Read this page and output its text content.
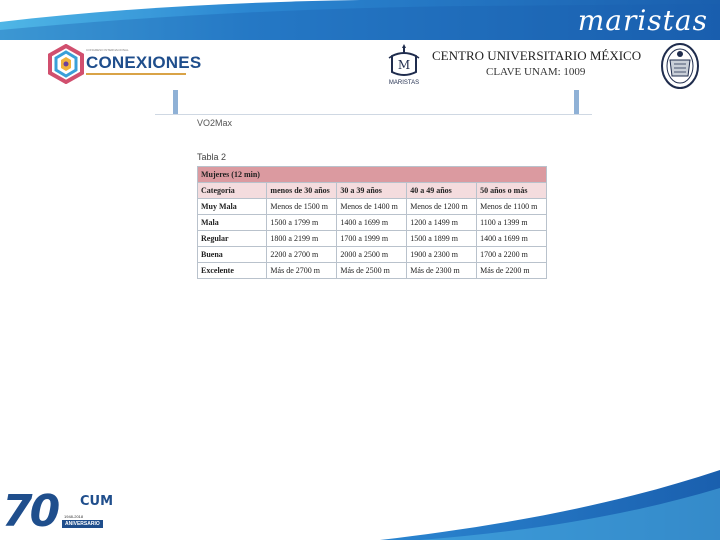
maristas
CONGRESO INTERNACIONAL
CONEXIONES	M
MARISTAS
CENTRO UNIVERSITARIO MÉXICO
CLAVE UNAM: 1009
VO2Max
Tabla 2
Mujeres (12 min)				
Categoría	menos de 30 años	30 a 39 años	40 a 49 años	50 años o más
Muy Mala	Menos de 1500 m	Menos de 1400 m	Menos de 1200 m	Menos de 1100 m
Mala	1500 a 1799 m	1400 a 1699 m	1200 a 1499 m	1100 a 1399 m
Regular	1800 a 2199 m	1700 a 1999 m	1500 a 1899 m	1400 a 1699 m
Buena	2200 a 2700 m	2000 a 2500 m	1900 a 2300 m	1700 a 2200 m
Excelente	Más de 2700 m	Más de 2500 m	Más de 2300 m	Más de 2200 m
70 CUM
1948-2018
ANIVERSARIO
